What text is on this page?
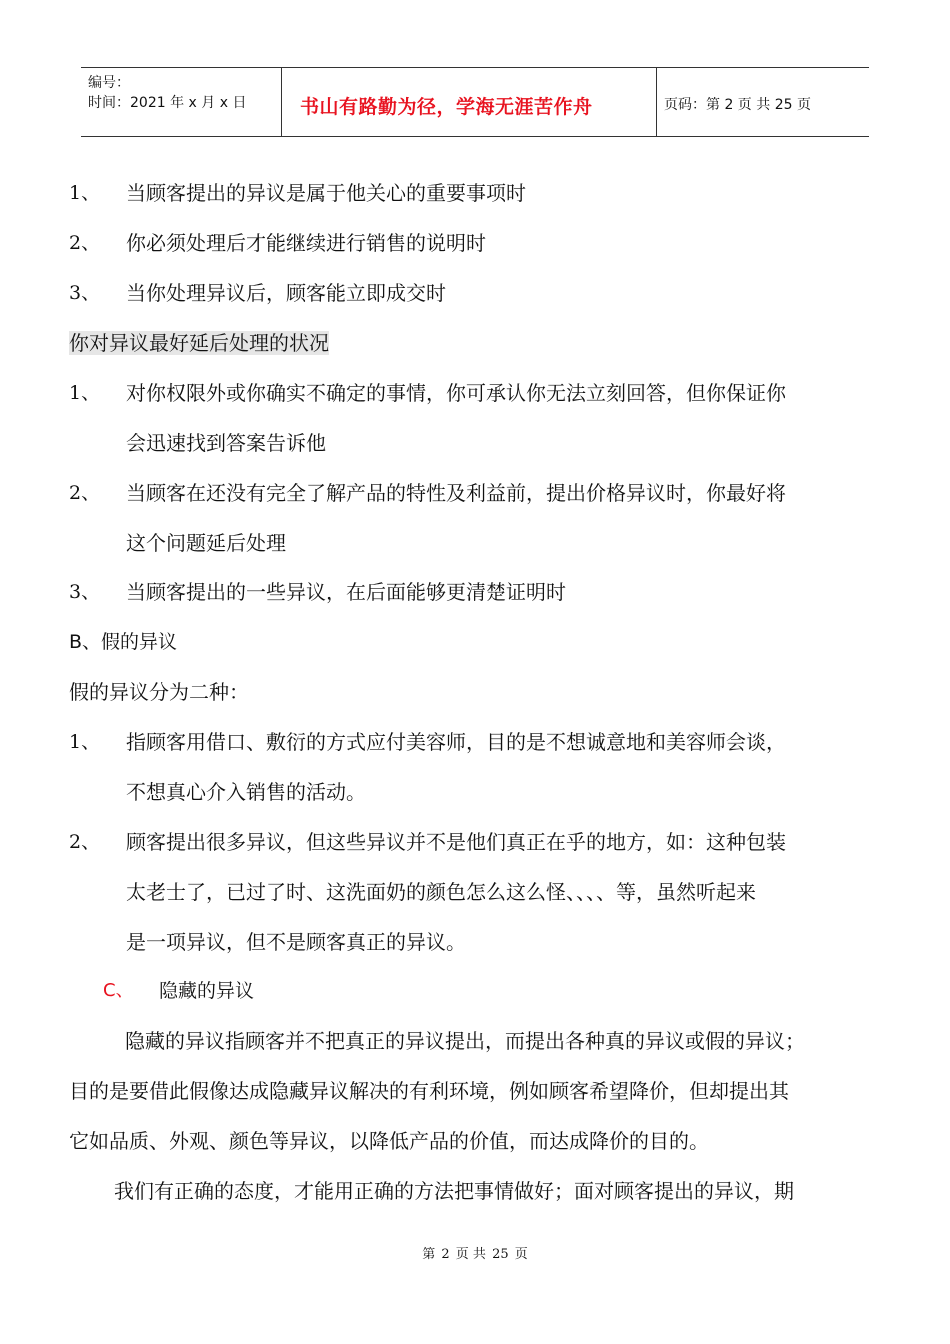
编号：
时间：2021 年 x 月 x 日	书山有路勤为径，学海无涯苦作舟	页码：第 2 页 共 25 页
1、 当顾客提出的异议是属于他关心的重要事项时
2、 你必须处理后才能继续进行销售的说明时
3、 当你处理异议后，顾客能立即成交时
你对异议最好延后处理的状况
1、 对你权限外或你确实不确定的事情，你可承认你无法立刻回答，但你保证你
会迅速找到答案告诉他
2、 当顾客在还没有完全了解产品的特性及利益前，提出价格异议时，你最好将
这个问题延后处理
3、 当顾客提出的一些异议，在后面能够更清楚证明时
B、假的异议
假的异议分为二种：
1、 指顾客用借口、敷衍的方式应付美容师，目的是不想诚意地和美容师会谈，
不想真心介入销售的活动。
2、 顾客提出很多异议，但这些异议并不是他们真正在乎的地方，如：这种包装
太老士了，已过了时、这洗面奶的颜色怎么这么怪、、、、等，虽然听起来
是一项异议，但不是顾客真正的异议。
C、 隐藏的异议
隐藏的异议指顾客并不把真正的异议提出，而提出各种真的异议或假的异议；
目的是要借此假像达成隐藏异议解决的有利环境，例如顾客希望降价，但却提出其
它如品质、外观、颜色等异议，以降低产品的价值，而达成降价的目的。
我们有正确的态度，才能用正确的方法把事情做好；面对顾客提出的异议，期
第 2 页 共 25 页
